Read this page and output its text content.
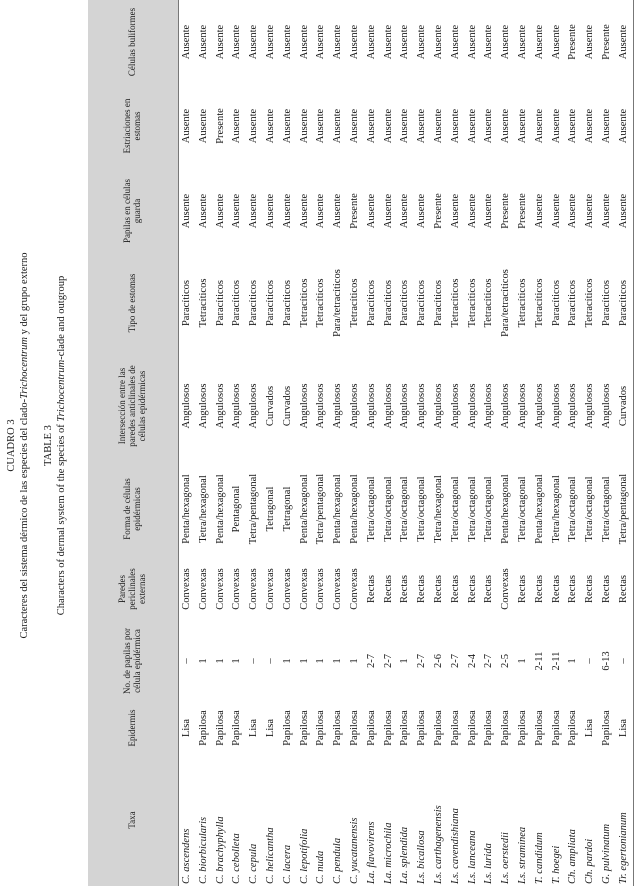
CUADRO 3 Caracteres del sistema dérmico de las especies del clado-Trichocentrum y del grupo externo
TABLE 3 Characters of dermal system of the species of Trichocentrum-clade and outgroup
Taxa	Epidermis	No. de papilas por célula epidérmica	Paredes periclinales externas	Forma de células epidérmicas	Intersección entre las paredes anticlinales de células epidérmicas	Tipo de estomas	Papilas en células guarda	Estriaciones en estomas	Células buliformes
C. ascendens	Lisa	–	Convexas	Penta/hexagonal	Angulosos	Paracíticos	Ausente	Ausente	Ausente
C. biorbicularis	Papilosa	1	Convexas	Tetra/hexagonal	Angulosos	Tetracíticos	Ausente	Ausente	Ausente
C. brachyphylla	Papilosa	1	Convexas	Penta/hexagonal	Angulosos	Paracíticos	Ausente	Presente	Ausente
C. cebolleta	Papilosa	1	Convexas	Pentagonal	Angulosos	Paracíticos	Ausente	Ausente	Ausente
C. cepula	Lisa	–	Convexas	Tetra/pentagonal	Angulosos	Paracíticos	Ausente	Ausente	Ausente
C. helicantha	Lisa	–	Convexas	Tetragonal	Curvados	Paracíticos	Ausente	Ausente	Ausente
C. lacera	Papilosa	1	Convexas	Tetragonal	Curvados	Paracíticos	Ausente	Ausente	Ausente
C. lepotifolia	Papilosa	1	Convexas	Penta/hexagonal	Angulosos	Tetracíticos	Ausente	Ausente	Ausente
C. nuda	Papilosa	1	Convexas	Tetra/pentagonal	Angulosos	Tetracíticos	Ausente	Ausente	Ausente
C. pendula	Papilosa	1	Convexas	Penta/hexagonal	Angulosos	Para/tetracíticos	Ausente	Ausente	Ausente
C. yucatanensis	Papilosa	1	Convexas	Penta/hexagonal	Angulosos	Tetracíticos	Presente	Ausente	Ausente
La. flavovirens	Papilosa	2-7	Rectas	Tetra/octagonal	Angulosos	Paracíticos	Ausente	Ausente	Ausente
La. microchila	Papilosa	2-7	Rectas	Tetra/octagonal	Angulosos	Paracíticos	Ausente	Ausente	Ausente
La. splendida	Papilosa	1	Rectas	Tetra/octagonal	Angulosos	Paracíticos	Ausente	Ausente	Ausente
Ls. bicallosa	Papilosa	2-7	Rectas	Tetra/octagonal	Angulosos	Paracíticos	Ausente	Ausente	Ausente
Ls. carthagenensis	Papilosa	2-6	Rectas	Tetra/hexagonal	Angulosos	Paracíticos	Presente	Ausente	Ausente
Ls. cavendishiana	Papilosa	2-7	Rectas	Tetra/octagonal	Angulosos	Tetracíticos	Ausente	Ausente	Ausente
Ls. lanceana	Papilosa	2-4	Rectas	Tetra/octagonal	Angulosos	Tetracíticos	Ausente	Ausente	Ausente
Ls. lurida	Papilosa	2-7	Rectas	Tetra/octagonal	Angulosos	Tetracíticos	Ausente	Ausente	Ausente
Ls. oerstedii	Papilosa	2-5	Convexas	Penta/hexagonal	Angulosos	Para/tetracíticos	Presente	Ausente	Ausente
Ls. straminea	Papilosa	1	Rectas	Tetra/octagonal	Angulosos	Tetracíticos	Presente	Ausente	Ausente
T. candidum	Papilosa	2-11	Rectas	Penta/hexagonal	Angulosos	Tetracíticos	Ausente	Ausente	Ausente
T. hoegei	Papilosa	2-11	Rectas	Tetra/hexagonal	Angulosos	Paracíticos	Ausente	Ausente	Ausente
Ch. ampliata	Papilosa	1	Rectas	Tetra/octagonal	Angulosos	Paracíticos	Ausente	Ausente	Presente
Ch. pardoi	Lisa	–	Rectas	Tetra/octagonal	Angulosos	Tetracíticos	Ausente	Ausente	Ausente
G. pulvinatum	Papilosa	6-13	Rectas	Tetra/octagonal	Angulosos	Paracíticos	Ausente	Ausente	Presente
Tr. egertonianum	Lisa	–	Rectas	Tetra/pentagonal	Curvados	Paracíticos	Ausente	Ausente	Ausente
